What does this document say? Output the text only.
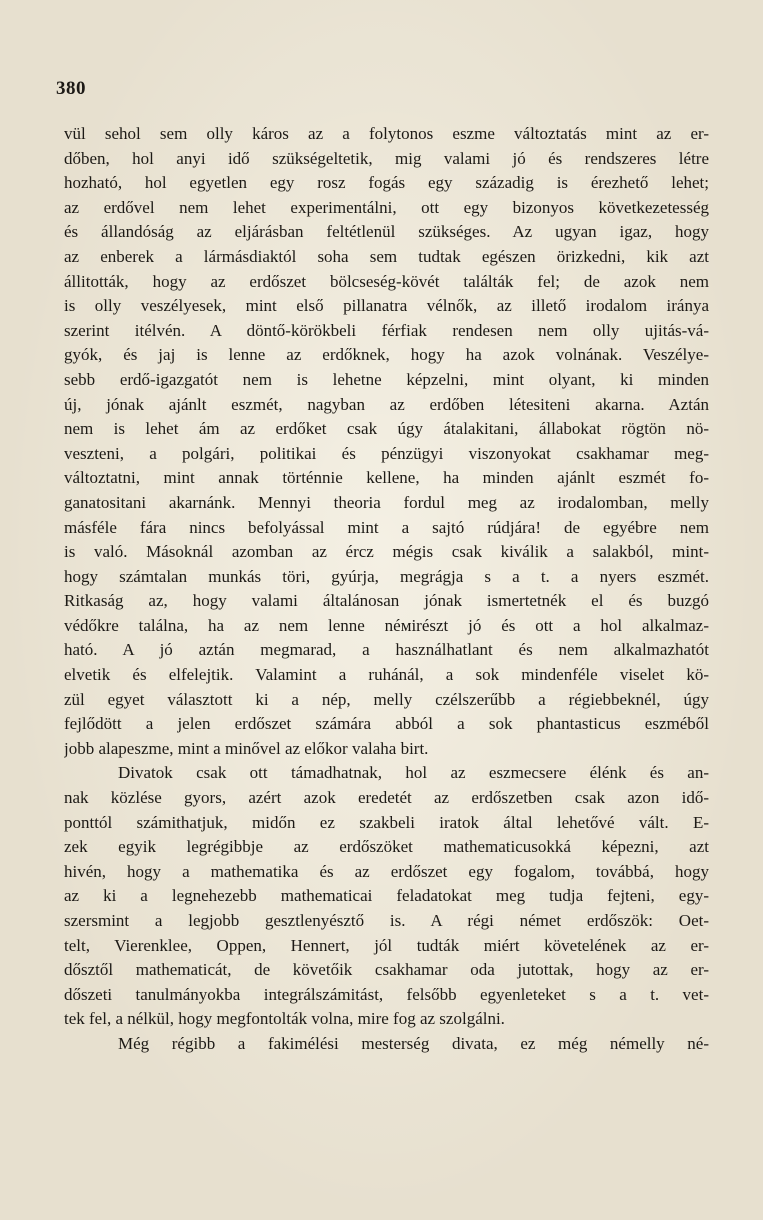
380
vül sehol sem olly káros az a folytonos eszme változtatás mint az er-
dőben, hol anyi idő szükségeltetik, mig valami jó és rendszeres létre
hozható, hol egyetlen egy rosz fogás egy századig is érezhető lehet;
az erdővel nem lehet experimentálni, ott egy bizonyos következetesség
és állandóság az eljárásban feltétlenül szükséges. Az ugyan igaz, hogy
az enberek a lármásdiaktól soha sem tudtak egészen örizkedni, kik azt
állitották, hogy az erdőszet bölcseség-kövét találták fel; de azok nem
is olly veszélyesek, mint első pillanatra vélnők, az illető irodalom iránya
szerint itélvén. A döntő-körökbeli férfiak rendesen nem olly ujitás-vá-
gyók, és jaj is lenne az erdőknek, hogy ha azok volnának. Veszélye-
sebb erdő-igazgatót nem is lehetne képzelni, mint olyant, ki minden
új, jónak ajánlt eszmét, nagyban az erdőben létesiteni akarna. Aztán
nem is lehet ám az erdőket csak úgy átalakitani, állabokat rögtön nö-
veszteni, a polgári, politikai és pénzügyi viszonyokat csakhamar meg-
változtatni, mint annak történnie kellene, ha minden ajánlt eszmét fo-
ganatositani akarnánk. Mennyi theoria fordul meg az irodalomban, melly
másféle fára nincs befolyással mint a sajtó rúdjára! de egyébre nem
is való. Másoknál azomban az ércz mégis csak kiválik a salakból, mint-
hogy számtalan munkás töri, gyúrja, megrágja s a t. a nyers eszmét.
Ritkaság az, hogy valami általánosan jónak ismertetnék el és buzgó
védőkre találna, ha az nem lenne néміrészt jó és ott a hol alkalmaz-
ható. A jó aztán megmarad, a használhatlant és nem alkalmazhatót
elvetik és elfelejtik. Valamint a ruhánál, a sok mindenféle viselet kö-
zül egyet választott ki a nép, melly czélszerűbb a régiebbeknél, úgy
fejlődött a jelen erdőszet számára abból a sok phantasticus eszméből
jobb alapeszme, mint a minővel az előkor valaha birt.
Divatok csak ott támadhatnak, hol az eszmecsere élénk és an-
nak közlése gyors, azért azok eredetét az erdőszetben csak azon idő-
ponttól számithatjuk, midőn ez szakbeli iratok által lehetővé vált. E-
zek egyik legrégibbje az erdőszöket mathematicusokká képezni, azt
hivén, hogy a mathematika és az erdőszet egy fogalom, továbbá, hogy
az ki a legnehezebb mathematicai feladatokat meg tudja fejteni, egy-
szersmint a legjobb gesztlenyésztő is. A régi német erdőszök: Oet-
telt, Vierenklee, Oppen, Hennert, jól tudták miért követelének az er-
dősztől mathematicát, de követőik csakhamar oda jutottak, hogy az er-
dőszeti tanulmányokba integrálszámitást, felsőbb egyenleteket s a t. vet-
tek fel, a nélkül, hogy megfontolták volna, mire fog az szolgálni.
Még régibb a fakimélési mesterség divata, ez még némelly né-
